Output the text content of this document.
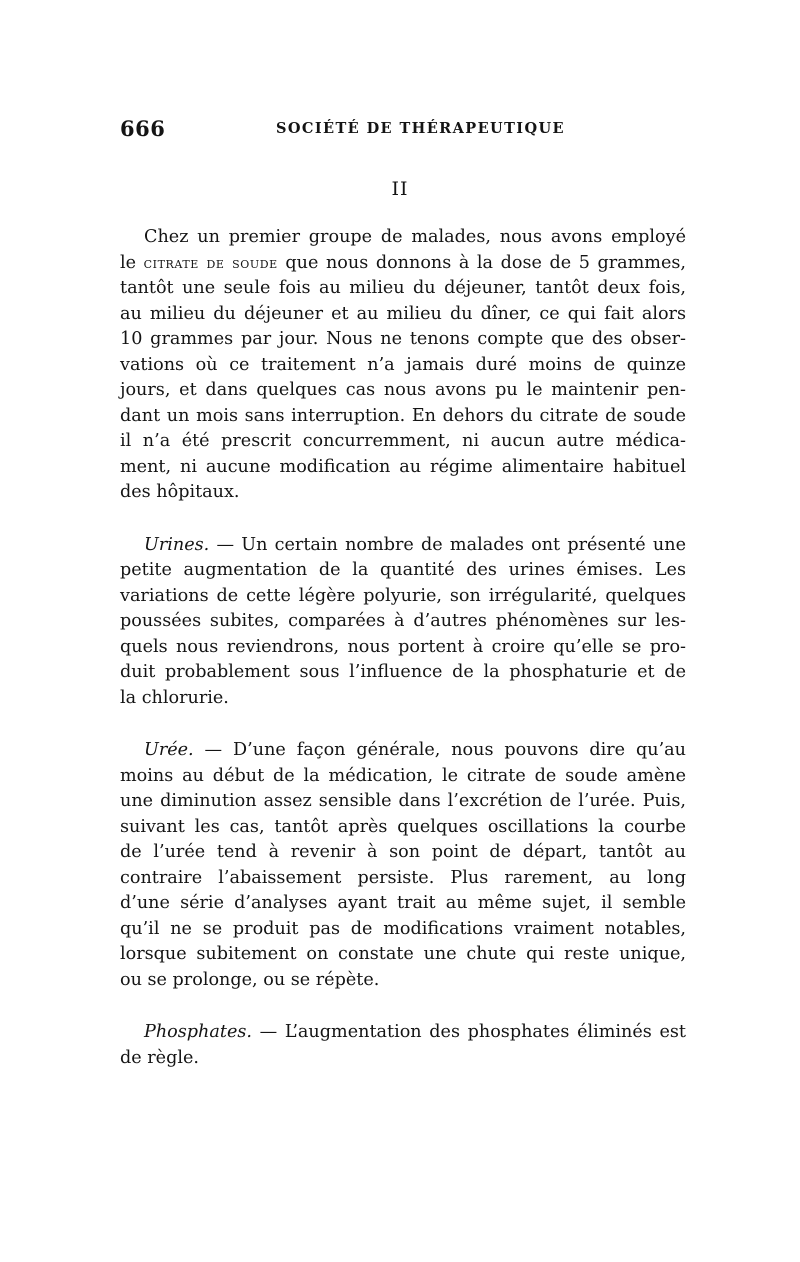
666	SOCIÉTÉ DE THÉRAPEUTIQUE
II
Chez un premier groupe de malades, nous avons employé
le citrate de soude que nous donnons à la dose de 5 grammes,
tantôt une seule fois au milieu du déjeuner, tantôt deux fois,
au milieu du déjeuner et au milieu du dîner, ce qui fait alors
10 grammes par jour. Nous ne tenons compte que des obser-
vations où ce traitement n’a jamais duré moins de quinze
jours, et dans quelques cas nous avons pu le maintenir pen-
dant un mois sans interruption. En dehors du citrate de soude
il n’a été prescrit concurremment, ni aucun autre médica-
ment, ni aucune modification au régime alimentaire habituel
des hôpitaux.
Urines. — Un certain nombre de malades ont présenté une
petite augmentation de la quantité des urines émises. Les
variations de cette légère polyurie, son irrégularité, quelques
poussées subites, comparées à d’autres phénomènes sur les-
quels nous reviendrons, nous portent à croire qu’elle se pro-
duit probablement sous l’influence de la phosphaturie et de
la chlorurie.
Urée. — D’une façon générale, nous pouvons dire qu’au
moins au début de la médication, le citrate de soude amène
une diminution assez sensible dans l’excrétion de l’urée. Puis,
suivant les cas, tantôt après quelques oscillations la courbe
de l’urée tend à revenir à son point de départ, tantôt au
contraire l’abaissement persiste. Plus rarement, au long
d’une série d’analyses ayant trait au même sujet, il semble
qu’il ne se produit pas de modifications vraiment notables,
lorsque subitement on constate une chute qui reste unique,
ou se prolonge, ou se répète.
Phosphates. — L’augmentation des phosphates éliminés est
de règle.
